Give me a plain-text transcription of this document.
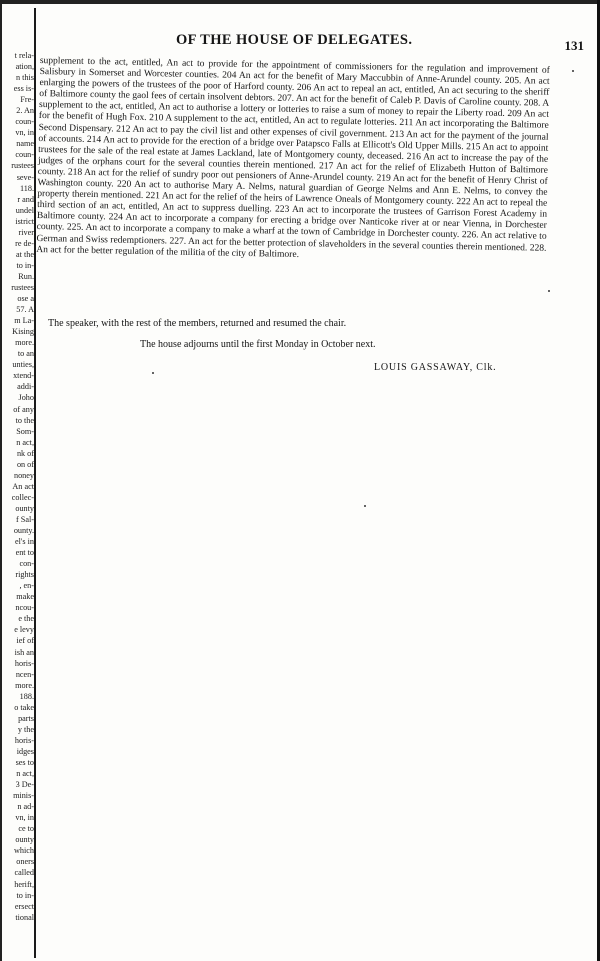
t rela-
ation,
n this
ess is-
Fre-
2. An
coun-
vn, in
name
coun-
rustees
seve-
118.
r and
undel
istrict
river
re de-
at the
to in-
Run.
rustees
ose a
57. A
m La-
Kising
more.
to an
unties,
xtend-
addi-
Joho
of any
to the
Som-
n act,
nk of
on of
noney
An act
collec-
ounty
f Sal-
ounty.
el's in
ent to
con-
rights
, en-
make
ncou-
e the
e levy
ief of
ish an
horis-
ncen-
more.
188.
o take
parts
y the
horis-
idges
ses to
n act,
3 De-
minis-
n ad-
vn, in
ce to
ounty
which
oners
called
herift,
to in-
ersect
tional
OF THE HOUSE OF DELEGATES.	131

supplement to the act, entitled, An act to provide for the appointment of commissioners for the regulation and improvement of Salisbury in Somerset and Worcester counties. 204 An act for the benefit of Mary Maccubbin of Anne-Arundel county. 205. An act enlarging the powers of the trustees of the poor of Harford county. 206 An act to repeal an act, entitled, An act securing to the sheriff of Baltimore county the gaol fees of certain insolvent debtors. 207. An act for the benefit of Caleb P. Davis of Caroline county. 208. A supplement to the act, entitled, An act to authorise a lottery or lotteries to raise a sum of money to repair the Liberty road. 209 An act for the benefit of Hugh Fox. 210 A supplement to the act, entitled, An act to regulate lotteries. 211 An act incorporating the Baltimore Second Dispensary. 212 An act to pay the civil list and other expenses of civil government. 213 An act for the payment of the journal of accounts. 214 An act to provide for the erection of a bridge over Patapsco Falls at Ellicott's Old Upper Mills. 215 An act to appoint trustees for the sale of the real estate at James Lackland, late of Montgomery county, deceased. 216 An act to increase the pay of the judges of the orphans court for the several counties therein mentioned. 217 An act for the relief of Elizabeth Hutton of Baltimore county. 218 An act for the relief of sundry poor out pensioners of Anne-Arundel county. 219 An act for the benefit of Henry Christ of Washington county. 220 An act to authorise Mary A. Nelms, natural guardian of George Nelms and Ann E. Nelms, to convey the property therein mentioned. 221 An act for the relief of the heirs of Lawrence Oneals of Montgomery county. 222 An act to repeal the third section of an act, entitled, An act to suppress duelling. 223 An act to incorporate the trustees of Garrison Forest Academy in Baltimore county. 224 An act to incorporate a company for erecting a bridge over Nanticoke river at or near Vienna, in Dorchester county. 225. An act to incorporate a company to make a wharf at the town of Cambridge in Dorchester county. 226. An act relative to German and Swiss redemptioners. 227. An act for the better protection of slaveholders in the several counties therein mentioned. 228. An act for the better regulation of the militia of the city of Baltimore.

The speaker, with the rest of the members, returned and resumed the chair.
The house adjourns until the first Monday in October next.
LOUIS GASSAWAY, Clk.
